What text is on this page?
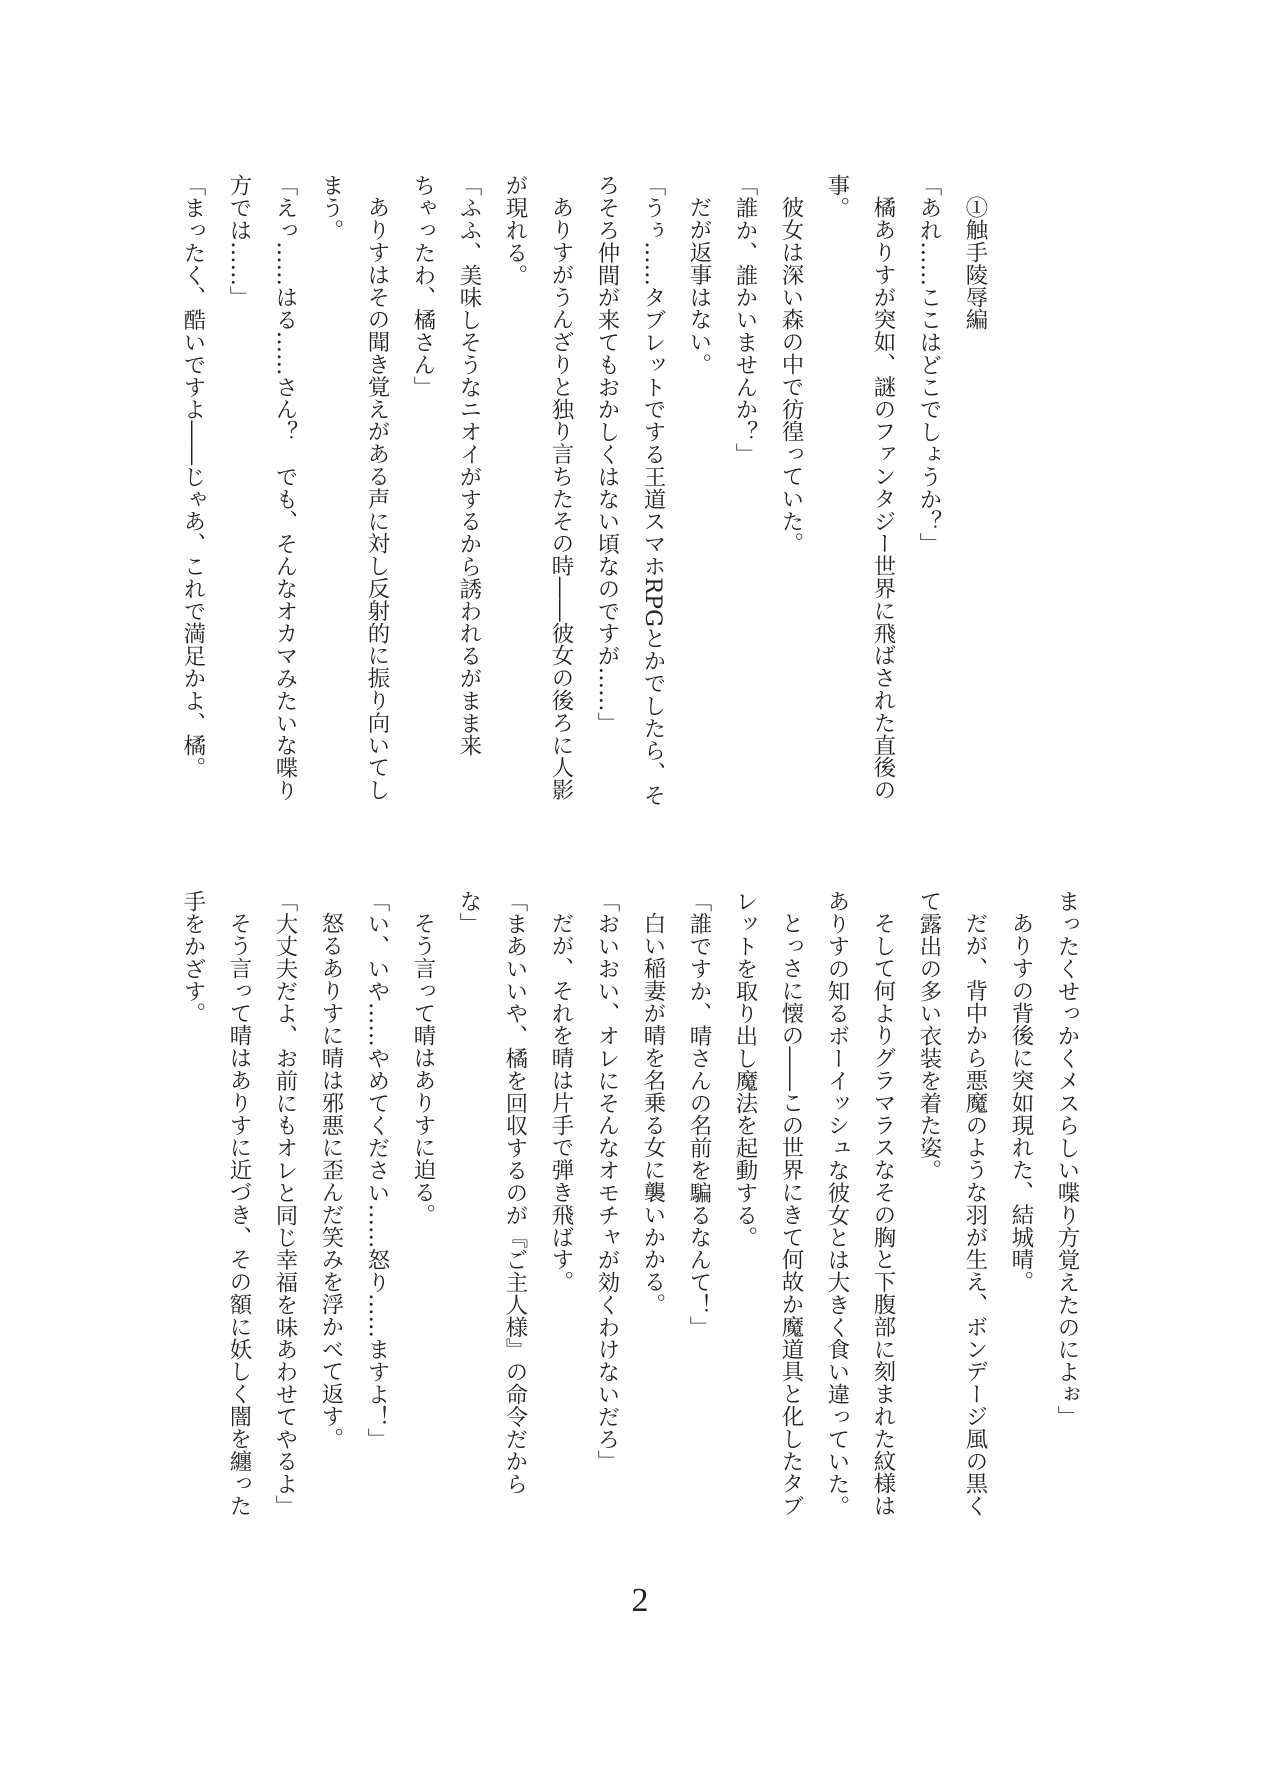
①触手陵辱編
「あれ……ここはどこでしょうか？」
橘ありすが突如、謎のファンタジー世界に飛ばされた直後の
事。
彼女は深い森の中で彷徨っていた。
「誰か、誰かいませんか？」
だが返事はない。
「うぅ……タブレットでする王道スマホRPGとかでしたら、そ
ろそろ仲間が来てもおかしくはない頃なのですが……」
ありすがうんざりと独り言ちたその時――彼女の後ろに人影
が現れる。
「ふふ、美味しそうなニオイがするから誘われるがまま来
ちゃったわ、橘さん」
ありすはその聞き覚えがある声に対し反射的に振り向いてし
まう。
「えっ……はる……さん？　でも、そんなオカマみたいな喋り
方では……」
「まったく、酷いですよ――じゃあ、これで満足かよ、橘。
まったくせっかくメスらしい喋り方覚えたのによぉ」
ありすの背後に突如現れた、結城晴。
だが、背中から悪魔のような羽が生え、ボンデージ風の黒く
て露出の多い衣装を着た姿。
そして何よりグラマラスなその胸と下腹部に刻まれた紋様は
ありすの知るボーイッシュな彼女とは大きく食い違っていた。
とっさに懐の――この世界にきて何故か魔道具と化したタブ
レットを取り出し魔法を起動する。
「誰ですか、晴さんの名前を騙るなんて！」
白い稲妻が晴を名乗る女に襲いかかる。
「おいおい、オレにそんなオモチャが効くわけないだろ」
だが、それを晴は片手で弾き飛ばす。
「まあいいや、橘を回収するのが『ご主人様』の命令だから
な」
そう言って晴はありすに迫る。
「い、いや……やめてください……怒り……ますよ！」
怒るありすに晴は邪悪に歪んだ笑みを浮かべて返す。
「大丈夫だよ、お前にもオレと同じ幸福を味あわせてやるよ」
そう言って晴はありすに近づき、その額に妖しく闇を纏った
手をかざす。
2
